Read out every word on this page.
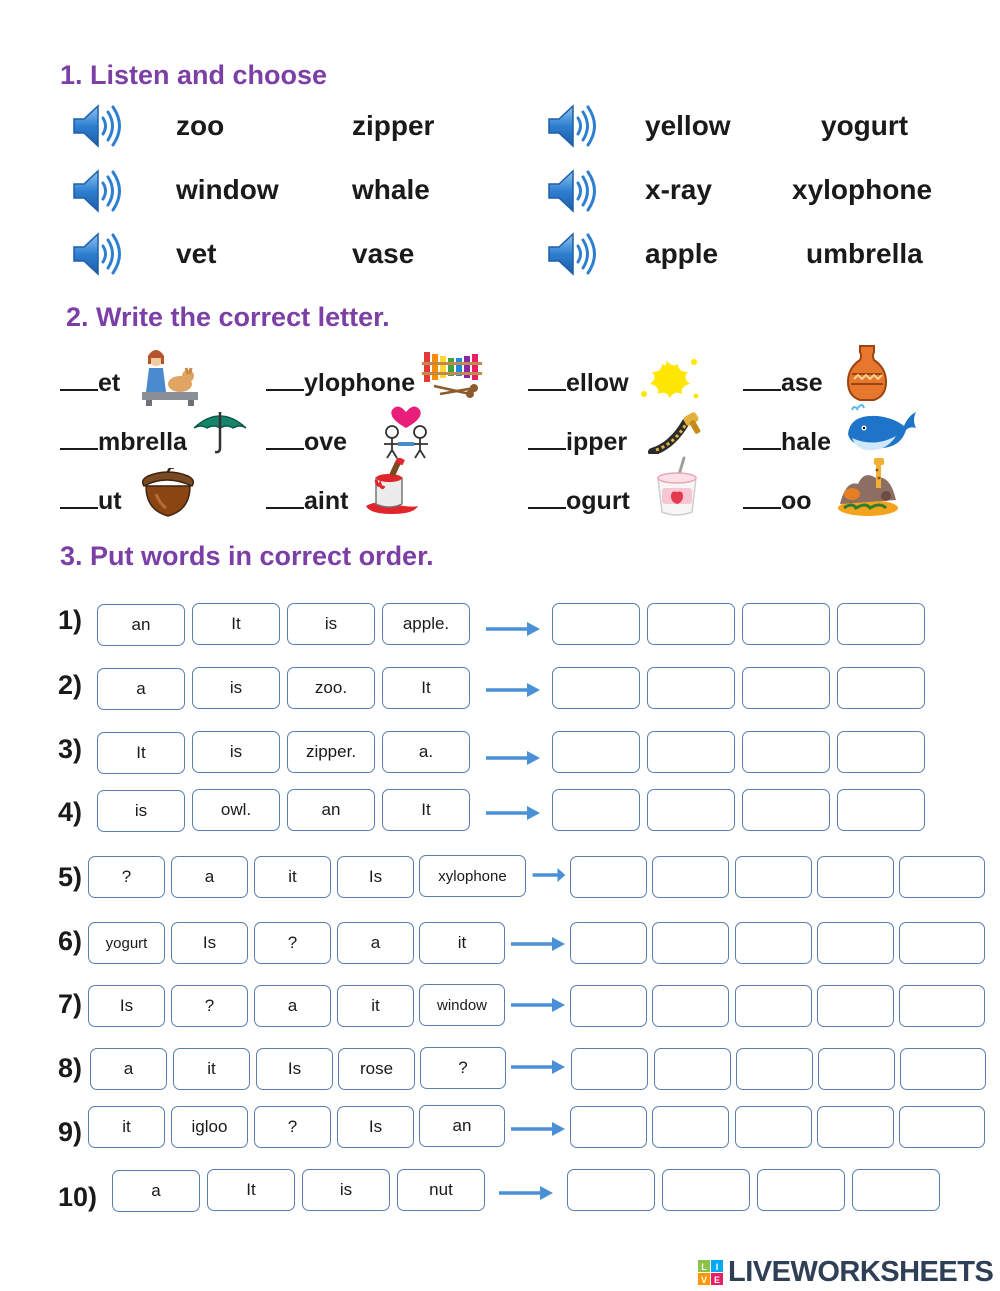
1. Listen and choose
zoo	zipper	yellow	yogurt
window	whale	x-ray	xylophone
vet	vase	apple	umbrella
2. Write the correct letter.
et	ylophone	ellow	ase
mbrella	ove	ipper	hale
ut	aint	ogurt	oo
3. Put words in correct order.
1)	an	It	is	apple.
2)	a	is	zoo.	It
3)	It	is	zipper.	a.
4)	is	owl.	an	It
5)	?	a	it	Is	xylophone
6)	yogurt	Is	?	a	it
7)	Is	?	a	it	window
8)	a	it	Is	rose	?
9)	it	igloo	?	Is	an
10)	a	It	is	nut
L I
V E LIVEWORKSHEETS
